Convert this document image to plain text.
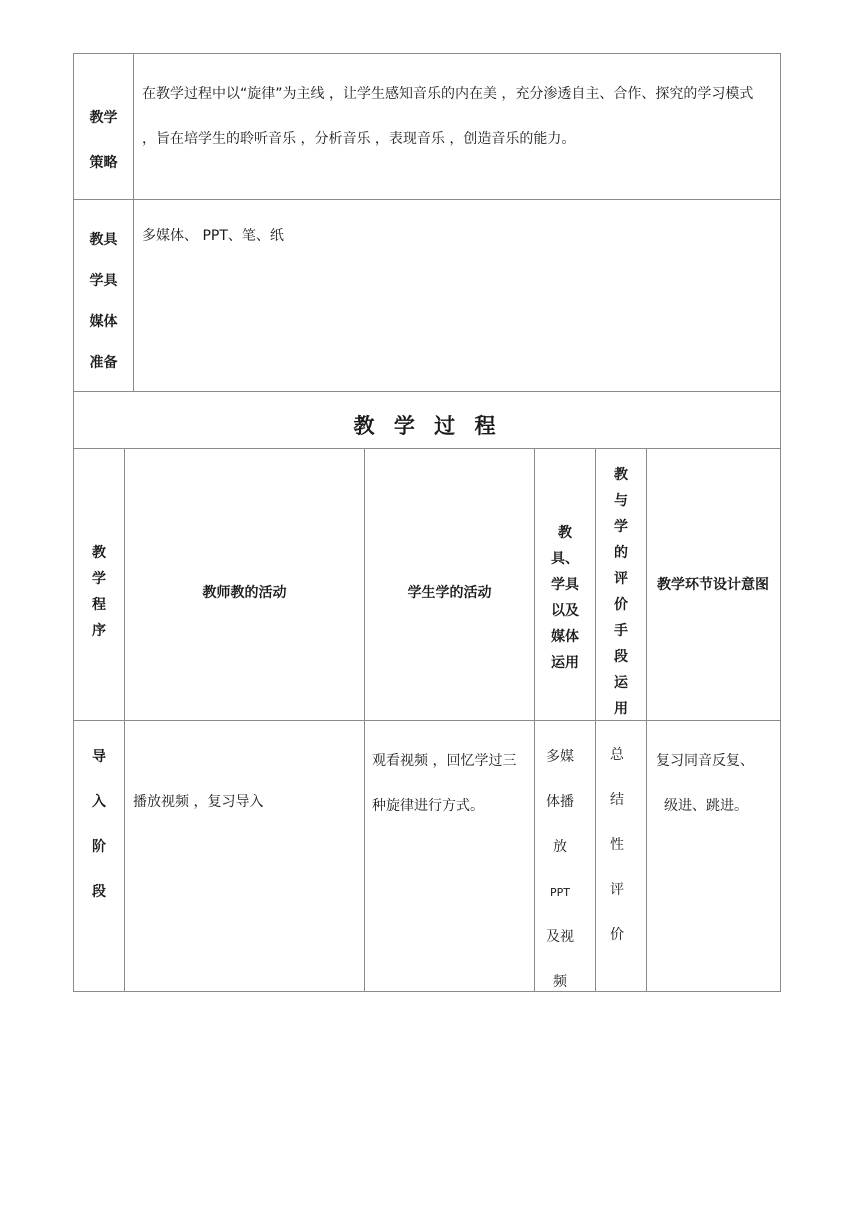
教学
策略
在教学过程中以“旋律”为主线 ，让学生感知音乐的内在美 ，充分渗透自主、合作、探究的学习模式 ，旨在培学生的聆听音乐 ，分析音乐 ，表现音乐 ，创造音乐的能力。
教具
学具
媒体
准备
多媒体、 PPT、笔、纸
教 学 过 程
教
学
程
序
教师教的活动	学生学的活动
教
具、
学具
以及
媒体
运用
教
与
学
的
评
价
手
段
运
用
教学环节设计意图
导
入
阶
段
播放视频 ，复习导入
观看视频 ，回忆学过三种旋律进行方式。
多媒
体播
放
PPT
及视
频
总
结
性
评
价
复习同音反复、
级进、跳进。
